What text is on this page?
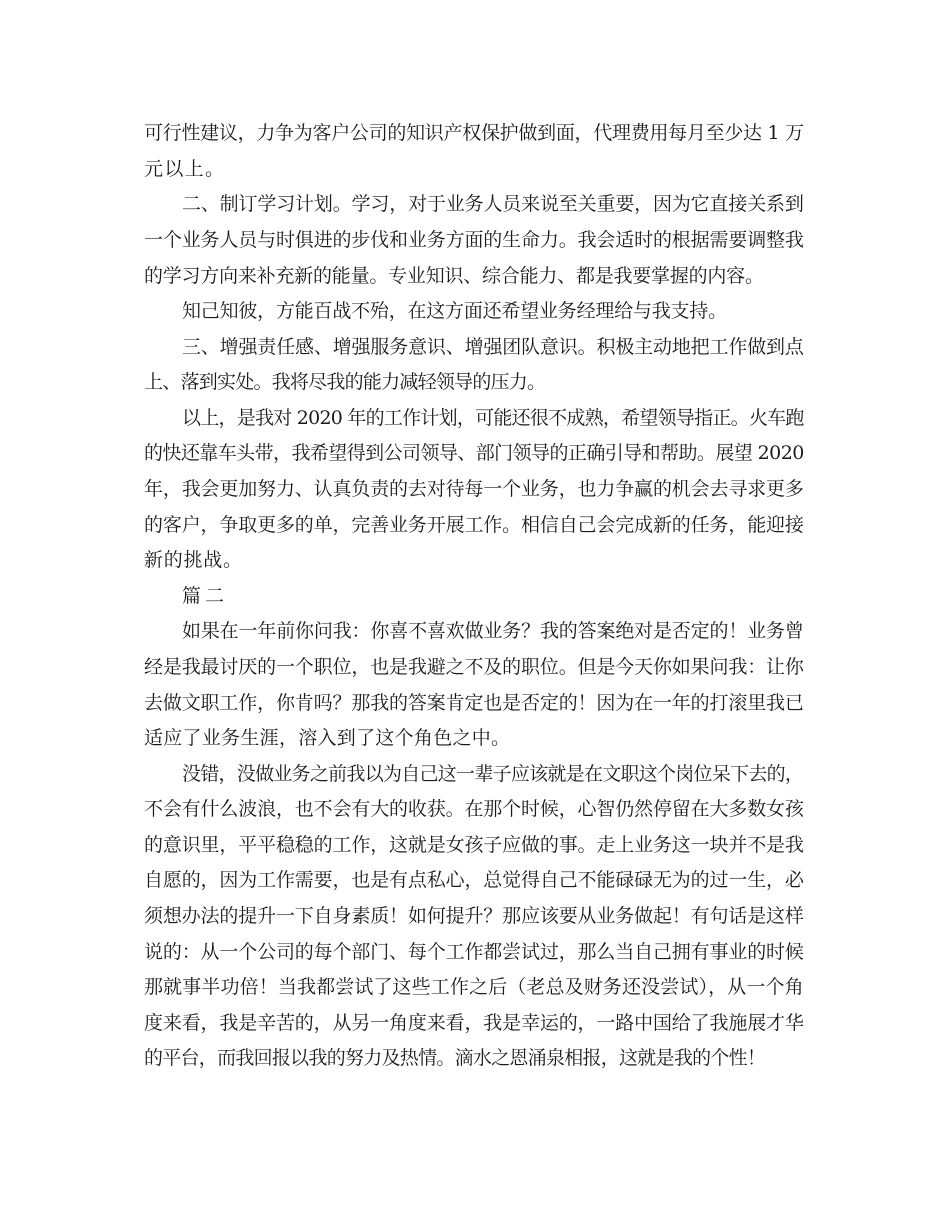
可行性建议，力争为客户公司的知识产权保护做到面，代理费用每月至少达 1 万
元以上。
二、制订学习计划。学习，对于业务人员来说至关重要，因为它直接关系到
一个业务人员与时俱进的步伐和业务方面的生命力。我会适时的根据需要调整我
的学习方向来补充新的能量。专业知识、综合能力、都是我要掌握的内容。
知己知彼，方能百战不殆，在这方面还希望业务经理给与我支持。
三、增强责任感、增强服务意识、增强团队意识。积极主动地把工作做到点
上、落到实处。我将尽我的能力减轻领导的压力。
以上，是我对 2020 年的工作计划，可能还很不成熟，希望领导指正。火车跑
的快还靠车头带，我希望得到公司领导、部门领导的正确引导和帮助。展望 2020
年，我会更加努力、认真负责的去对待每一个业务，也力争赢的机会去寻求更多
的客户，争取更多的单，完善业务开展工作。相信自己会完成新的任务，能迎接
新的挑战。
篇二
如果在一年前你问我：你喜不喜欢做业务？我的答案绝对是否定的！业务曾
经是我最讨厌的一个职位，也是我避之不及的职位。但是今天你如果问我：让你
去做文职工作，你肯吗？那我的答案肯定也是否定的！因为在一年的打滚里我已
适应了业务生涯，溶入到了这个角色之中。
没错，没做业务之前我以为自己这一辈子应该就是在文职这个岗位呆下去的，
不会有什么波浪，也不会有大的收获。在那个时候，心智仍然停留在大多数女孩
的意识里，平平稳稳的工作，这就是女孩子应做的事。走上业务这一块并不是我
自愿的，因为工作需要，也是有点私心，总觉得自己不能碌碌无为的过一生，必
须想办法的提升一下自身素质！如何提升？那应该要从业务做起！有句话是这样
说的：从一个公司的每个部门、每个工作都尝试过，那么当自己拥有事业的时候
那就事半功倍！当我都尝试了这些工作之后（老总及财务还没尝试），从一个角
度来看，我是辛苦的，从另一角度来看，我是幸运的，一路中国给了我施展才华
的平台，而我回报以我的努力及热情。滴水之恩涌泉相报，这就是我的个性！
